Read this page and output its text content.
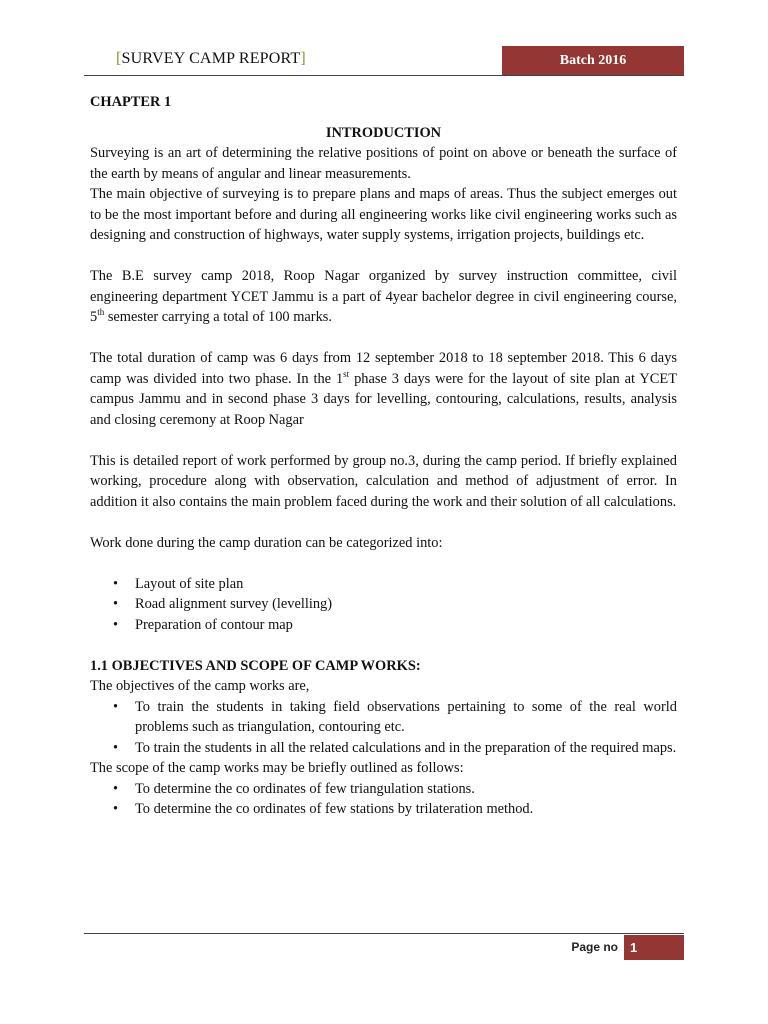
[SURVEY CAMP REPORT]	Batch 2016

CHAPTER 1

INTRODUCTION

Surveying is an art of determining the relative positions of point on above or beneath the surface of the earth by means of angular and linear measurements.

The main objective of surveying is to prepare plans and maps of areas. Thus the subject emerges out to be the most important before and during all engineering works like civil engineering works such as designing and construction of highways, water supply systems, irrigation projects, buildings etc.

The B.E survey camp 2018, Roop Nagar organized by survey instruction committee, civil engineering department YCET Jammu is a part of 4year bachelor degree in civil engineering course, 5th semester carrying a total of 100 marks.

The total duration of camp was 6 days from 12 september 2018 to 18 september 2018. This 6 days camp was divided into two phase. In the 1st phase 3 days were for the layout of site plan at YCET campus Jammu and in second phase 3 days for levelling, contouring, calculations, results, analysis and closing ceremony at Roop Nagar

This is detailed report of work performed by group no.3, during the camp period. If briefly explained working, procedure along with observation, calculation and method of adjustment of error. In addition it also contains the main problem faced during the work and their solution of all calculations.

Work done during the camp duration can be categorized into:

• Layout of site plan
• Road alignment survey (levelling)
• Preparation of contour map

1.1 OBJECTIVES AND SCOPE OF CAMP WORKS:

The objectives of the camp works are,

• To train the students in taking field observations pertaining to some of the real world problems such as triangulation, contouring etc.
• To train the students in all the related calculations and in the preparation of the required maps.

The scope of the camp works may be briefly outlined as follows:

• To determine the co ordinates of few triangulation stations.
• To determine the co ordinates of few stations by trilateration method.
Page no 1
